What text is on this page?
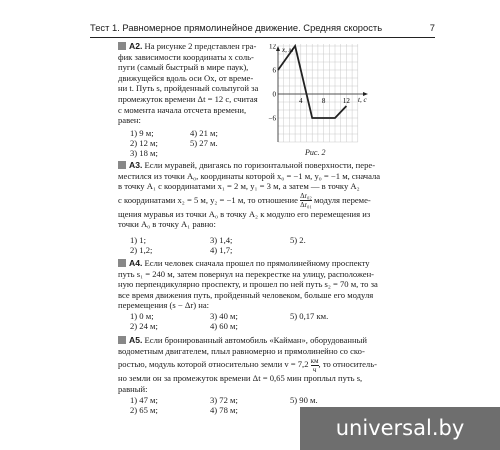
Тест 1. Равномерное прямолинейное движение. Средняя скорость	7
А2. На рисунке 2 представлен гра-
фик зависимости координаты x соль-
пуги (самый быстрый в мире паук),
движущейся вдоль оси Ox, от време-
ни t. Путь s, пройденный сольпугой за
промежуток времени Δt = 12 с, считая
с момента начала отсчета времени,
равен:
1) 9 м;	4) 21 м;
2) 12 м;	5) 27 м.
3) 18 м;
12
6
0
−6
4	8	12
x, м
t, c
Рис. 2
А3. Если муравей, двигаясь по горизонтальной поверхности, пере-
местился из точки A₀, координаты которой x₀ = −1 м, y₀ = −1 м, сначала
в точку A₁ с координатами x₁ = 2 м, y₁ = 3 м, а затем — в точку A₂
с координатами x₂ = 5 м, y₂ = −1 м, то отношение $\frac{\text{Δr₀₂}}{\text{Δr₀₁}}$ модуля переме-
щения муравья из точки A₀ в точку A₂ к модулю его перемещения из
точки A₀ в точку A₁ равно:
1) 1;	3) 1,4;	5) 2.
2) 1,2;	4) 1,7;
А4. Если человек сначала прошел по прямолинейному проспекту
путь s₁ = 240 м, затем повернул на перекрестке на улицу, расположен-
ную перпендикулярно проспекту, и прошел по ней путь s₂ = 70 м, то за
все время движения путь, пройденный человеком, больше его модуля
перемещения (s − Δr) на:
1) 0 м;	3) 40 м;	5) 0,17 км.
2) 24 м;	4) 60 м;
А5. Если бронированный автомобиль «Кайман», оборудованный
водометным двигателем, плыл равномерно и прямолинейно со ско-
ростью, модуль которой относительно земли $v = 7,2 \frac{км}{ч}$ , то относитель-
но земли он за промежуток времени Δt = 0,65 мин проплыл путь s,
равный:
1) 47 м;	3) 72 м;	5) 90 м.
2) 65 м;	4) 78 м;
universal.by
